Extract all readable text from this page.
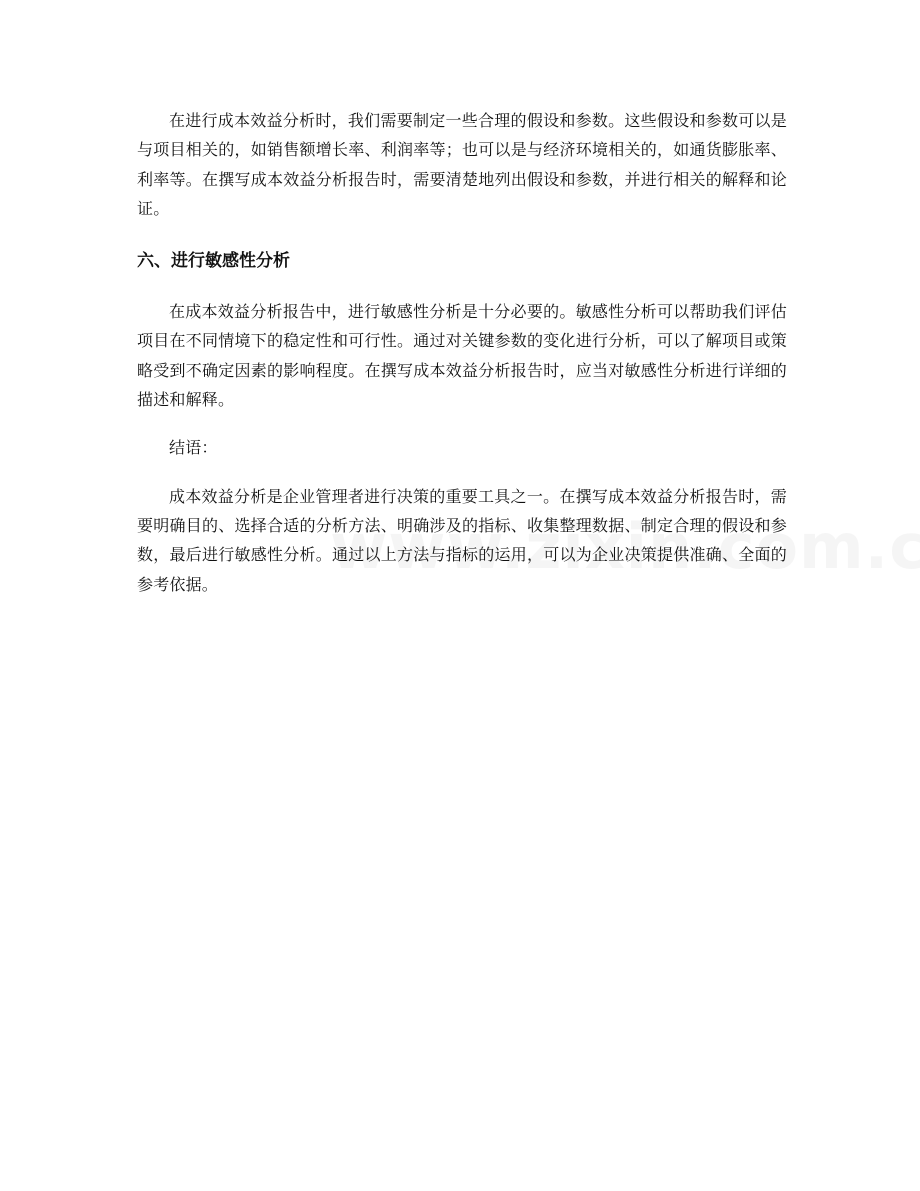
在进行成本效益分析时，我们需要制定一些合理的假设和参数。这些假设和参数可以是与项目相关的，如销售额增长率、利润率等；也可以是与经济环境相关的，如通货膨胀率、利率等。在撰写成本效益分析报告时，需要清楚地列出假设和参数，并进行相关的解释和论证。

六、进行敏感性分析

在成本效益分析报告中，进行敏感性分析是十分必要的。敏感性分析可以帮助我们评估项目在不同情境下的稳定性和可行性。通过对关键参数的变化进行分析，可以了解项目或策略受到不确定因素的影响程度。在撰写成本效益分析报告时，应当对敏感性分析进行详细的描述和解释。

结语：

成本效益分析是企业管理者进行决策的重要工具之一。在撰写成本效益分析报告时，需要明确目的、选择合适的分析方法、明确涉及的指标、收集整理数据、制定合理的假设和参数，最后进行敏感性分析。通过以上方法与指标的运用，可以为企业决策提供准确、全面的参考依据。
